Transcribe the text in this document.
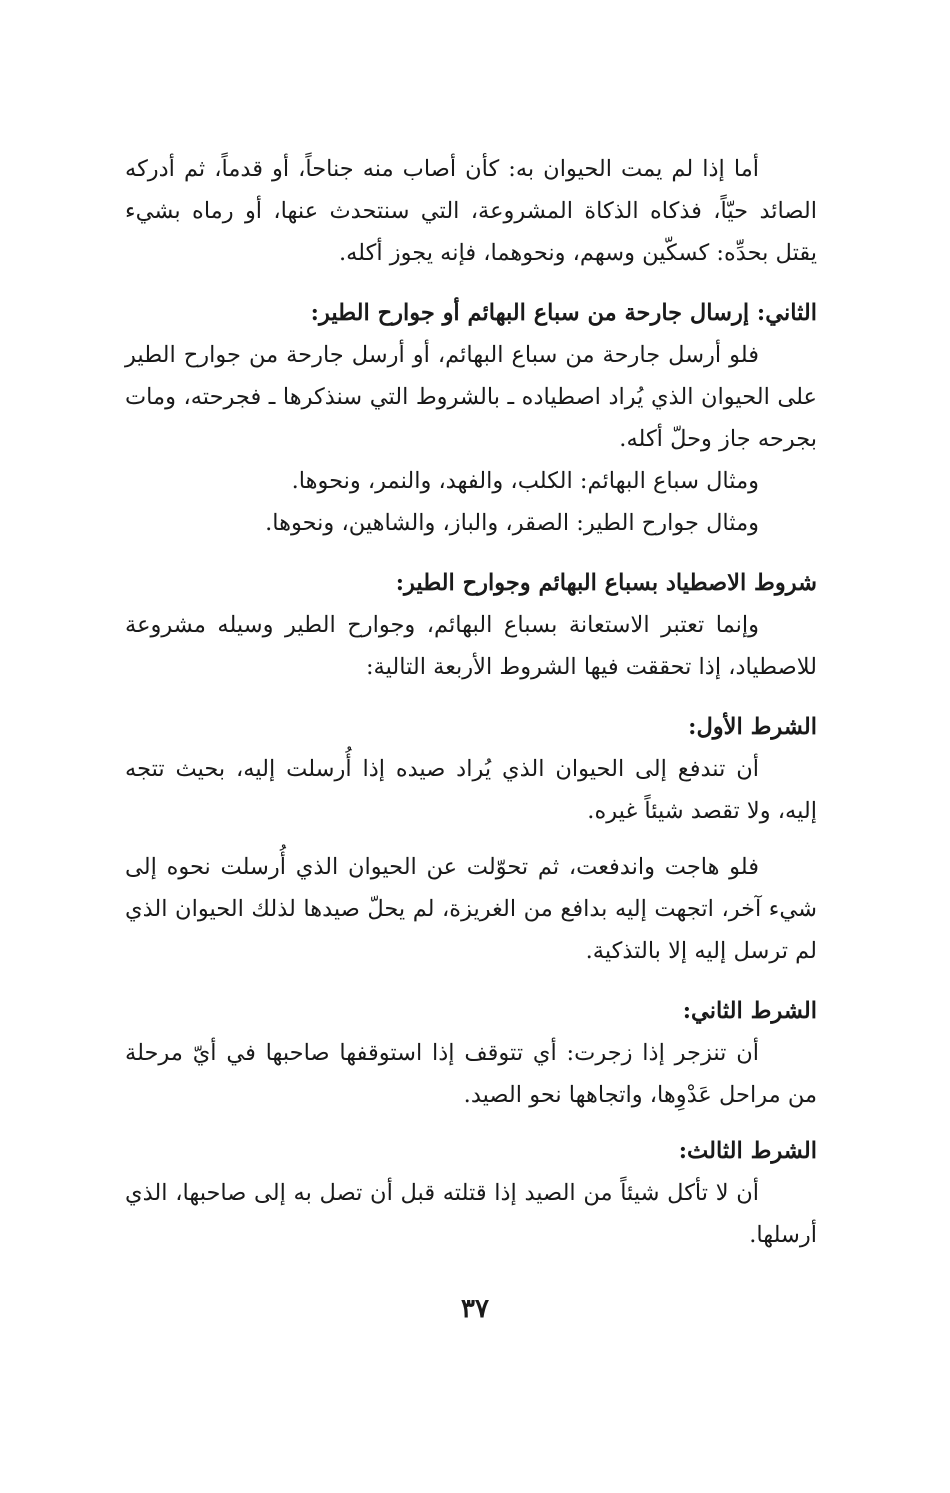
أما إذا لم يمت الحيوان به: كأن أصاب منه جناحاً، أو قدماً، ثم أدركه الصائد حيّاً، فذكاه الذكاة المشروعة، التي سنتحدث عنها، أو رماه بشيء يقتل بحدِّه: كسكّين وسهم، ونحوهما، فإنه يجوز أكله.

الثاني: إرسال جارحة من سباع البهائم أو جوارح الطير:

فلو أرسل جارحة من سباع البهائم، أو أرسل جارحة من جوارح الطير على الحيوان الذي يُراد اصطياده ـ بالشروط التي سنذكرها ـ فجرحته، ومات بجرحه جاز وحلّ أكله.

ومثال سباع البهائم: الكلب، والفهد، والنمر، ونحوها.

ومثال جوارح الطير: الصقر، والباز، والشاهين، ونحوها.

شروط الاصطياد بسباع البهائم وجوارح الطير:

وإنما تعتبر الاستعانة بسباع البهائم، وجوارح الطير وسيله مشروعة للاصطياد، إذا تحققت فيها الشروط الأربعة التالية:

الشرط الأول:

أن تندفع إلى الحيوان الذي يُراد صيده إذا أُرسلت إليه، بحيث تتجه إليه، ولا تقصد شيئاً غيره.

فلو هاجت واندفعت، ثم تحوّلت عن الحيوان الذي أُرسلت نحوه إلى شيء آخر، اتجهت إليه بدافع من الغريزة، لم يحلّ صيدها لذلك الحيوان الذي لم ترسل إليه إلا بالتذكية.

الشرط الثاني:

أن تنزجر إذا زجرت: أي تتوقف إذا استوقفها صاحبها في أيّ مرحلة من مراحل عَدْوِها، واتجاهها نحو الصيد.

الشرط الثالث:

أن لا تأكل شيئاً من الصيد إذا قتلته قبل أن تصل به إلى صاحبها، الذي أرسلها.

٣٧
